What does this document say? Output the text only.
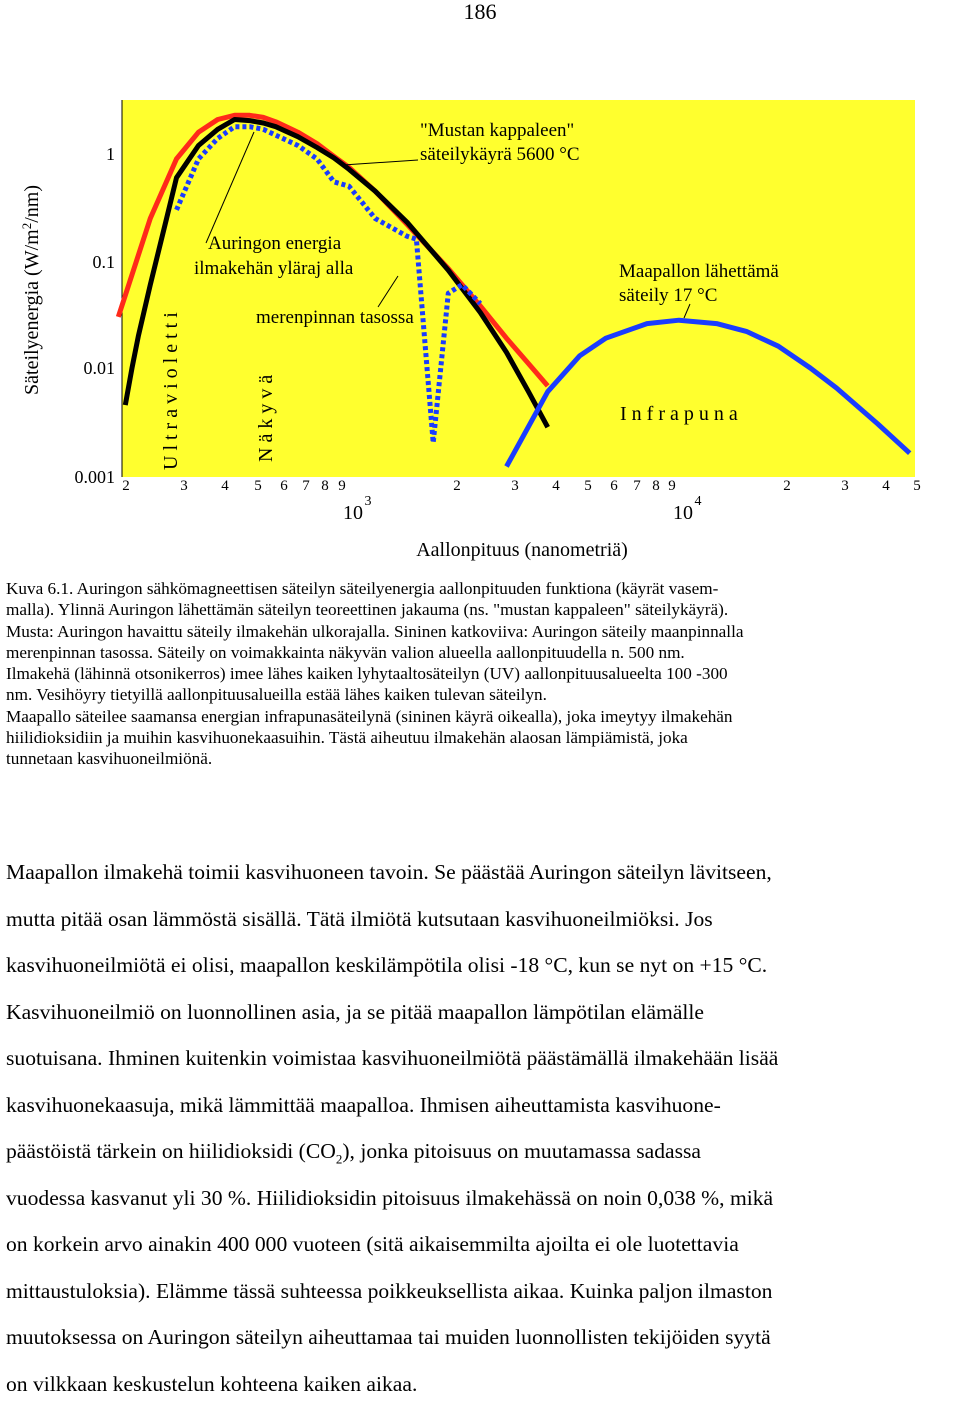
186
Säteilyenergia $(W/m^2/nm)$
1
0.1
0.01
0.001 2	3 4 5 6 7 8 9	2	3 4 5 6 7 8 9	2	3 4 5
10
3
10
4
Aallonpituus (nanometriä)
U l t r a v i o l e t t i	N ä k y v ä	I n f r a p u n a
"Mustan kappaleen"
säteilykäyrä 5600 °C
Auringon energia
ilmakehän yläraj alla
merenpinnan tasossa
Maapallon lähettämä
säteily 17 °C

Kuva 6.1. Auringon sähkömagneettisen säteilyn säteilyenergia aallonpituuden funktiona (käyrät vasem-

malla). Ylinnä Auringon lähettämän säteilyn teoreettinen jakauma (ns. "mustan kappaleen" säteilykäyrä).

Musta: Auringon havaittu säteily ilmakehän ulkorajalla. Sininen katkoviiva: Auringon säteily maanpinnalla

merenpinnan tasossa. Säteily on voimakkainta näkyvän valion alueella aallonpituudella n. 500 nm.

Ilmakehä (lähinnä otsonikerros) imee lähes kaiken lyhytaaltosäteilyn (UV) aallonpituusalueelta 100 -300

nm. Vesihöyry tietyillä aallonpituusalueilla estää lähes kaiken tulevan säteilyn.

Maapallo säteilee saamansa energian infrapunasäteilynä (sininen käyrä oikealla), joka imeytyy ilmakehän

hiilidioksidiin ja muihin kasvihuonekaasuihin. Tästä aiheutuu ilmakehän alaosan lämpiämistä, joka

tunnetaan kasvihuoneilmiönä.

Maapallon ilmakehä toimii kasvihuoneen tavoin. Se päästää Auringon säteilyn lävitseen,

mutta pitää osan lämmöstä sisällä. Tätä ilmiötä kutsutaan kasvihuoneilmiöksi. Jos

kasvihuoneilmiötä ei olisi, maapallon keskilämpötila olisi -18 °C, kun se nyt on +15 °C.

Kasvihuoneilmiö on luonnollinen asia, ja se pitää maapallon lämpötilan elämälle

suotuisana. Ihminen kuitenkin voimistaa kasvihuoneilmiötä päästämällä ilmakehään lisää

kasvihuonekaasuja, mikä lämmittää maapalloa. Ihmisen aiheuttamista kasvihuone-

päästöistä tärkein on hiilidioksidi $(CO_2)$, jonka pitoisuus on muutamassa sadassa

vuodessa kasvanut yli 30 %. Hiilidioksidin pitoisuus ilmakehässä on noin 0,038 %, mikä

on korkein arvo ainakin 400 000 vuoteen (sitä aikaisemmilta ajoilta ei ole luotettavia

mittaustuloksia). Elämme tässä suhteessa poikkeuksellista aikaa. Kuinka paljon ilmaston

muutoksessa on Auringon säteilyn aiheuttamaa tai muiden luonnollisten tekijöiden syytä

on vilkkaan keskustelun kohteena kaiken aikaa.
